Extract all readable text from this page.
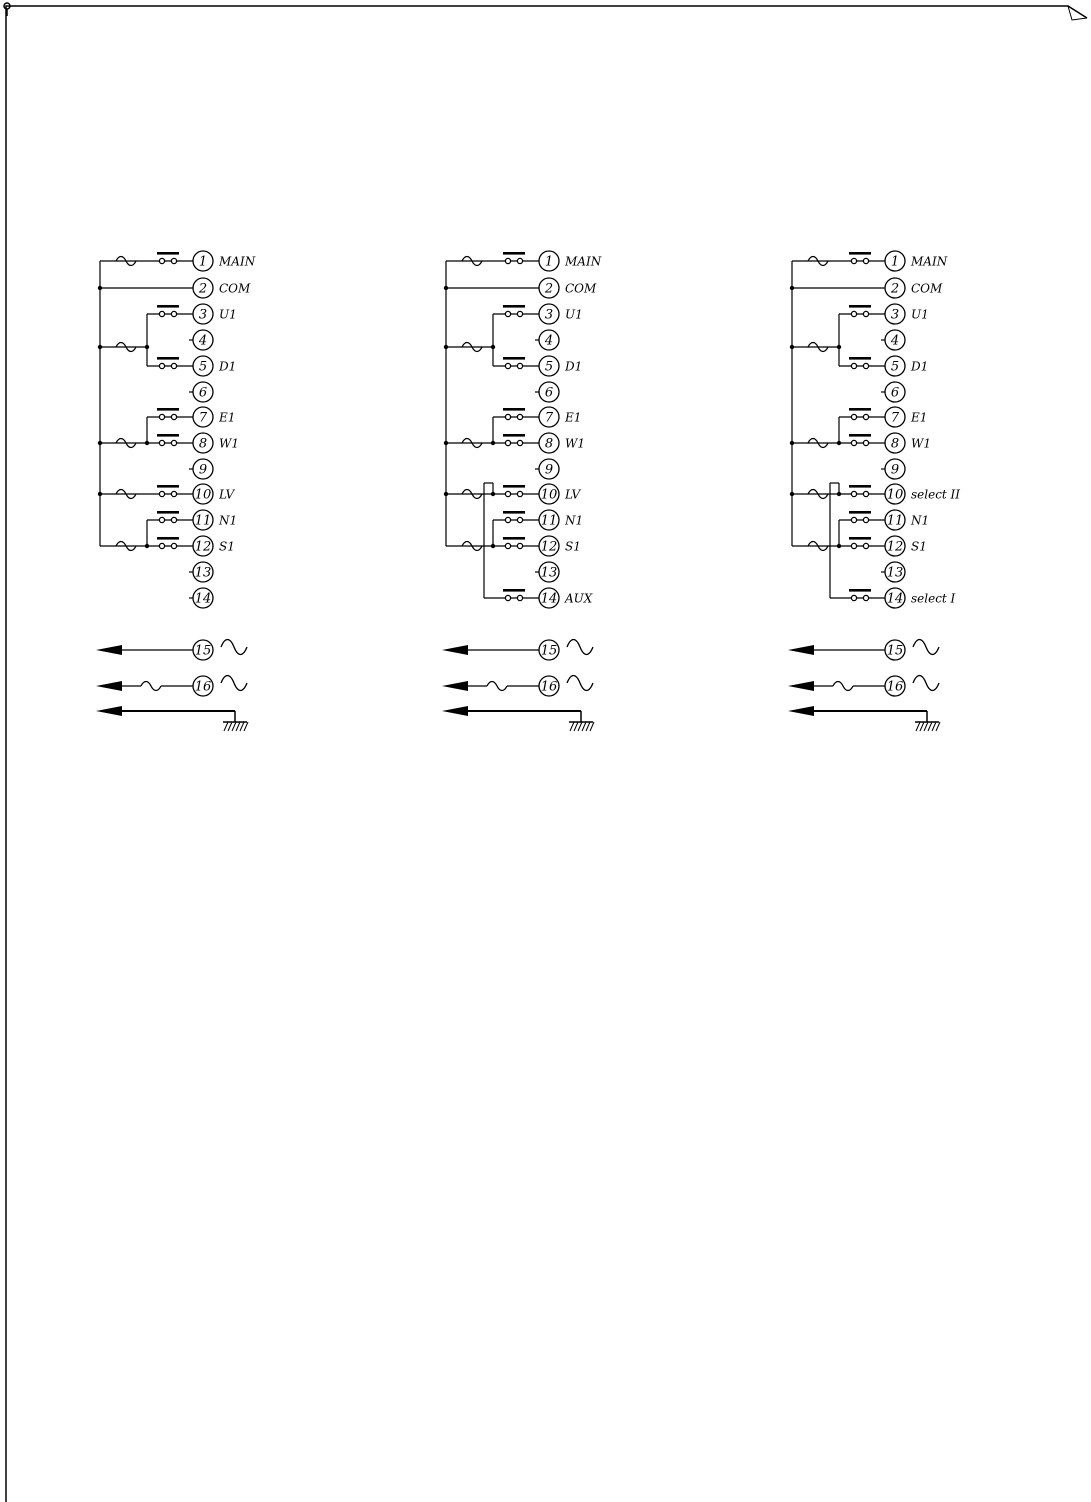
1 MAIN
2 COM
3 U1
4
5 D1
6
7 E1
8 W1
9
10 LV
11 N1
12 S1
13
14
15
16
1 MAIN
2 COM
3 U1
4
5 D1
6
7 E1
8 W1
9
10 LV
11 N1
12 S1
13
14 AUX
15
16
1 MAIN
2 COM
3 U1
4
5 D1
6
7 E1
8 W1
9
10 select II
11 N1
12 S1
13
14 select I
15
16
